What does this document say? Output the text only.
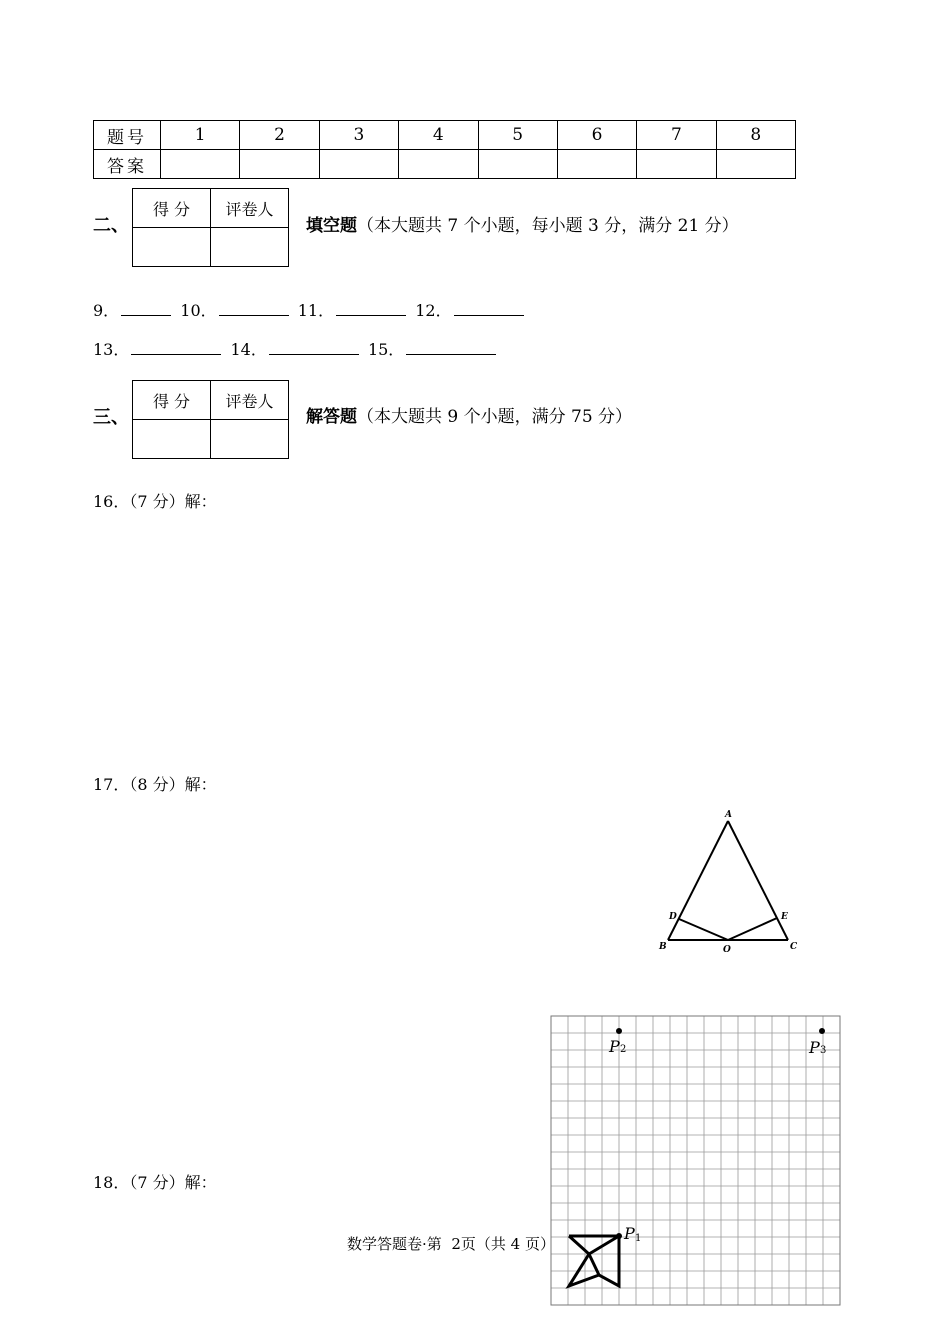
题号	1	2	3	4	5	6	7	8
答案								
二、
得 分	评卷人

填空题（本大题共 7 个小题，每小题 3 分，满分 21 分）
9．	10．	11．	12．
13．	14．	15．
三、
得 分	评卷人

解答题（本大题共 9 个小题，满分 75 分）
16．（7 分）解：
17．（8 分）解：
18．（7 分）解：
A
B	C
D	E
O
P 2	P 3
P 1
数学答题卷·第 2页（共 4 页）
